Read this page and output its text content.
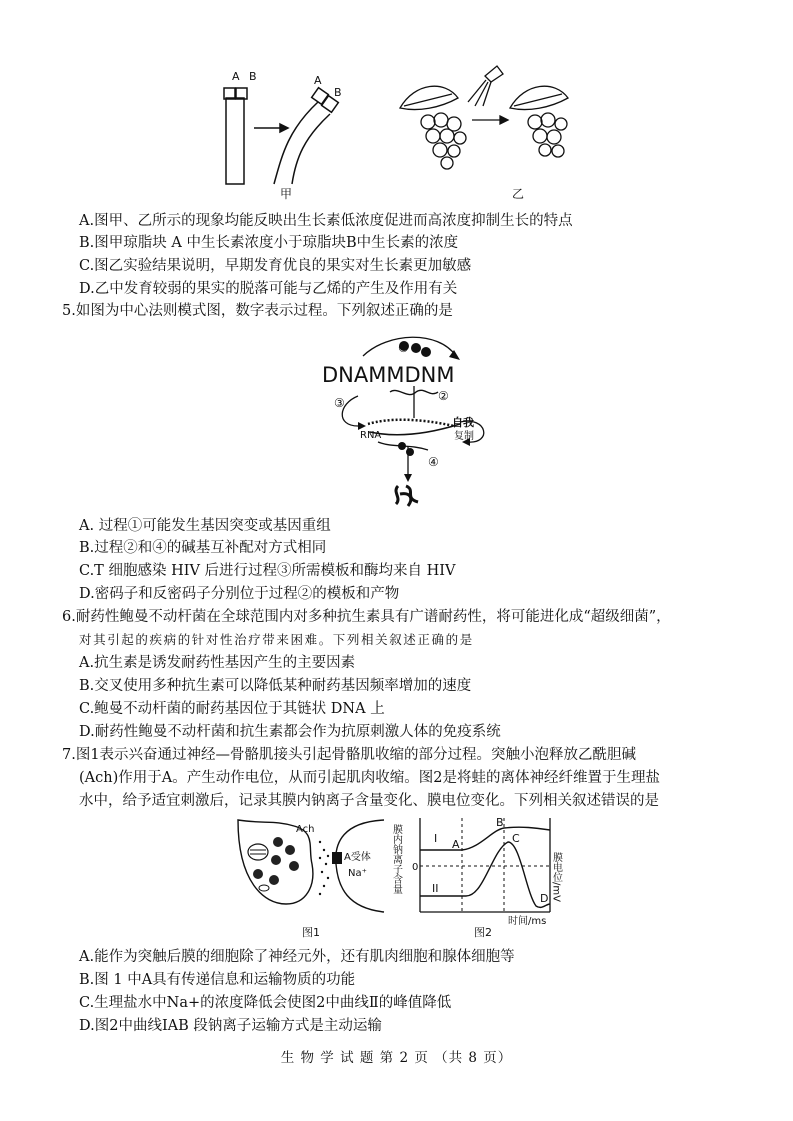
A B	A
B
甲	乙
A.图甲、乙所示的现象均能反映出生长素低浓度促进而高浓度抑制生长的特点
B.图甲琼脂块 A 中生长素浓度小于琼脂块B中生长素的浓度
C.图乙实验结果说明，早期发育优良的果实对生长素更加敏感
D.乙中发育较弱的果实的脱落可能与乙烯的产生及作用有关
5.如图为中心法则模式图，数字表示过程。下列叙述正确的是
①
DNAMMDNM
②
③
自我
复制
RNA
④
A. 过程①可能发生基因突变或基因重组
B.过程②和④的碱基互补配对方式相同
C.T 细胞感染 HIV 后进行过程③所需模板和酶均来自 HIV
D.密码子和反密码子分别位于过程②的模板和产物
6.耐药性鲍曼不动杆菌在全球范围内对多种抗生素具有广谱耐药性，将可能进化成“超级细菌”，
对其引起的疾病的针对性治疗带来困难。下列相关叙述正确的是
A.抗生素是诱发耐药性基因产生的主要因素
B.交叉使用多种抗生素可以降低某种耐药基因频率增加的速度
C.鲍曼不动杆菌的耐药基因位于其链状 DNA 上
D.耐药性鲍曼不动杆菌和抗生素都会作为抗原刺激人体的免疫系统
7.图1表示兴奋通过神经—骨骼肌接头引起骨骼肌收缩的部分过程。突触小泡释放乙酰胆碱
(Ach)作用于A。产生动作电位，从而引起肌肉收缩。图2是将蛙的离体神经纤维置于生理盐
水中，给予适宜刺激后，记录其膜内钠离子含量变化、膜电位变化。下列相关叙述错误的是
Ach
A受体
Na⁺
图1
膜内钠离子含量	膜电位/mV
I
II
A
B
C
D
0
时间/ms
图2
A.能作为突触后膜的细胞除了神经元外，还有肌肉细胞和腺体细胞等
B.图 1 中A具有传递信息和运输物质的功能
C.生理盐水中Na+的浓度降低会使图2中曲线Ⅱ的峰值降低
D.图2中曲线IAB 段钠离子运输方式是主动运输
生 物 学 试 题 第 2 页 （共 8 页）
